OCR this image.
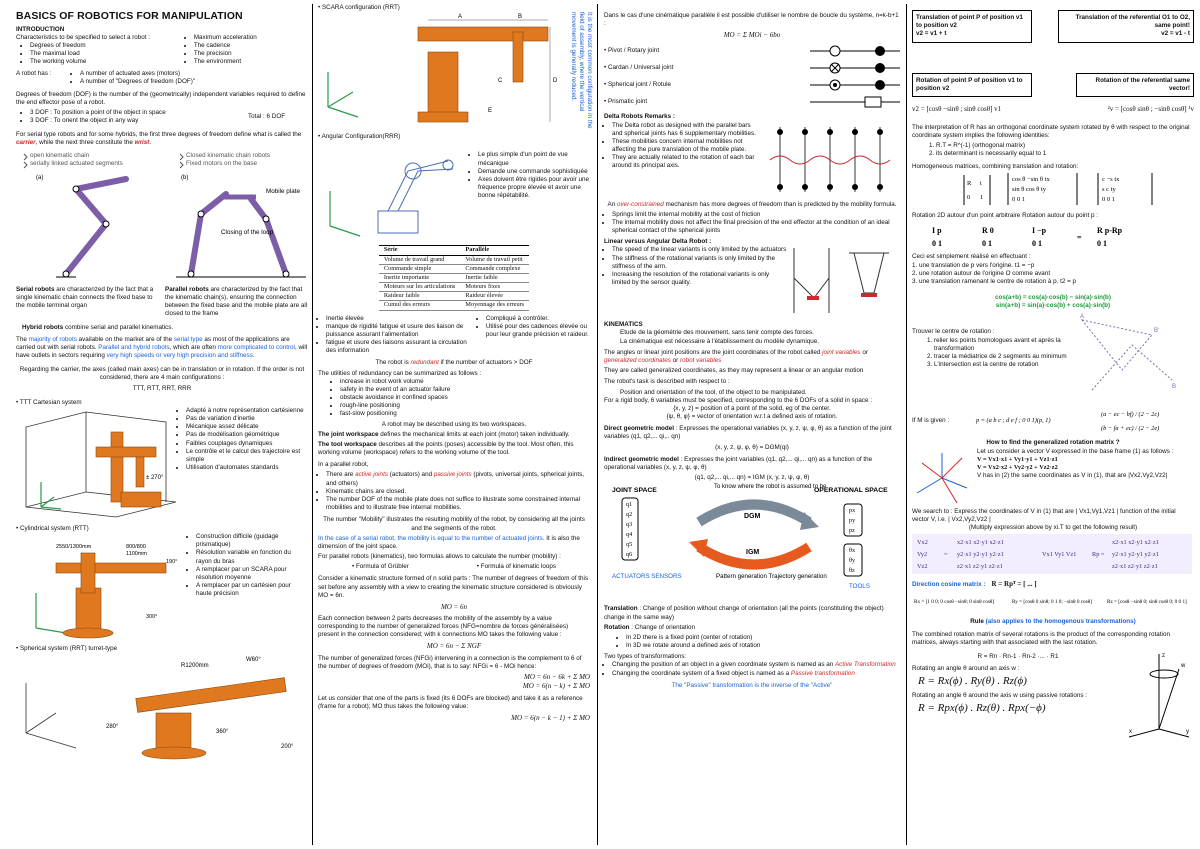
BASICS OF ROBOTICS FOR MANIPULATION
INTRODUCTION
Characteristics to be specified to select a robot :
• Degrees of freedom
• The maximal load
• The working volume
• Maximum acceleration
• The cadence
• The precision
• The environment
A robot has :	• A number of actuated axes (motors)
• A number of "Degrees of freedom (DOF)"

Degrees of freedom (DOF) is the number of the (geometrically) independent variables required to define the end effector pose of a robot.

• 3 DOF : To position a point of the object in space
• 3 DOF : To orient the object in any way
Total : 6 DOF

For serial type robots and for some hybrids, the first three degrees of freedom define what is called the carrier, while the next three constitute the wrist.

open kinematic chain
serially linked actuated segments
Closed kinematic chain robots
Fixed motors on the base
(a)	(b)
Mobile plate
Closing of the loop
Serial robots are characterized by the fact that a single kinematic chain connects the fixed base to the mobile terminal organ
Parallel robots are characterized by the fact that the kinematic chain(s), ensuring the connection between the fixed base and the mobile plate are all closed to the frame

Hybrid robots combine serial and parallel kinematics.

The majority of robots available on the market are of the serial type as most of the applications are carried out with serial robots. Parallel and hybrid robots, which are often more complicated to control, will have outlets in sectors requiring very high speeds or very high precision and stiffness.

Regarding the carrier, the axes (called main axes) can be in translation or in rotation. If the order is not considered, there are 4 main configurations :

TTT, RTT, RRT, RRR
• TTT Cartesian system
± 270°
• Adapté à notre représentation cartésienne
• Pas de variation d'inertie
• Mécanique assez délicate
• Pas de modélisation géométrique
• Faibles couplages dynamiques
• Le contrôle et le calcul des trajectoire est simple
• Utilisation d'automates standards
• Cylindrical system (RTT)
2550/1300mm	800/800
1100mm
190°
300°
• Construction difficile (guidage prismatique)
• Résolution variable en fonction du rayon du bras
• A remplacer par un SCARA pour résolution moyenne
• A remplacer par un cartésien pour haute précision
• Spherical system (RRT) turret-type
R1200mm
W60°
280°
360°
200°
• SCARA configuration (RRT)
A	B
C	D
E	It is the most common configuration in the field of assembly, where the vertical movement is generally reduced.
• Angular Configuration(RRR)
• Le plus simple d'un point de vue mécanique
• Demande une commande sophistiquée
• Axes doivent être rigides pour avoir une fréquence propre élevée et avoir une bonne répétabilité.
Série	Parallèle
Volume de travail grand	Volume de travail petit
Commande simple	Commande complexe
Inertie importante	Inertie faible
Moteurs sur les articulations	Moteurs fixes
Raideur faible	Raideur élevée
Cumul des erreurs	Moyennage des erreurs
• Inertie élevée
• manque de rigidité fatigue et usure des liaison de puissance assurant l'alimentation
• fatigue et usure des liaisons assurant la circulation des information
• Compliqué à contrôler.
• Utilisé pour des cadences élevée ou pour leur grande précision et raideur.

The robot is redundant if the number of actuators > DOF

The utilities of redundancy can be summarized as follows :
• increase in robot work volume
• safety in the event of an actuator failure
• obstacle avoidance in confined spaces
• rough-line positioning
• fast-slow positioning

A robot may be described using its two workspaces.

The joint workspace defines the mechanical limits at each joint (motor) taken individually.

The tool workspace describes all the points (poses) accessible by the tool. Most often, this working volume (workspace) refers to the working volume of the tool.

In a parallel robot,

• There are active joints (actuators) and passive joints (pivots, universal joints, spherical joints, and others)
• Kinematic chains are closed.
• The number DOF of the mobile plate does not suffice to illustrate some constrained internal mobilities and to illustrate free internal mobilities.

The number "Mobility" illustrates the resulting mobility of the robot, by considering all the joints and the segments of the robot.

In the case of a serial robot, the mobility is equal to the number of actuated joints. It is also the dimension of the joint space.

For parallel robots (kinematics), two formulas allows to calculate the number (mobility) :

• Formula of Grübler	• Formula of kinematic loops

Consider a kinematic structure formed of n solid parts : The number of degrees of freedom of this set before any assembly with a view to creating the kinematic structure considered is obviously MO = 6n.

MO = 6n

Each connection between 2 parts decreases the mobility of the assembly by a value corresponding to the number of generalized forces (NFG=nombre de forces généralisées) present in the connection considered; with k connections MO takes the following value :

MO = 6n − Σ NGF

The number of generalized forces (NFGi) intervening in a connection is the complement to 6 of the number of degrees of freedom (MOi), that is to say: NFGi = 6 - MOi hence:

MO = 6n − 6k + Σ MO
MO = 6(n − k) + Σ MO

Let us consider that one of the parts is fixed (its 6 DOFs are blocked) and take it as a reference (frame for a robot); MO thus takes the following value:

MO = 6(n − k − 1) + Σ MO

Dans le cas d'une cinématique parallèle il est possible d'utiliser le nombre de boucle du système, n=k-b+1 :

MO = Σ MOi − 6bo
• Pivot / Rotary joint
• Cardan / Universal joint
• Spherical joint / Rotule
• Prismatic joint
Delta Robots Remarks :
• The Delta robot as designed with the parallel bars and spherical joints has 6 supplementary mobilities.
• These mobilities concern internal mobilities not affecting the pure translation of the mobile plate.
• They are actually related to the rotation of each bar around its principal axis.

An over-constrained mechanism has more degrees of freedom than is predicted by the mobility formula.

• Springs limit the internal mobility at the cost of friction
• The internal mobility does not affect the final precision of the end effector at the condition of an ideal spherical contact of the spherical joints
Linear versus Angular Delta Robot :
• The speed of the linear variants is only limited by the actuators
• The stiffness of the rotational variants is only limited by the stiffness of the arm.
• Increasing the resolution of the rotational variants is only limited by the sensor quality.
KINEMATICS
Etude de la géométrie des mouvement, sans tenir compte des forces.
La cinématique est nécessaire à l'établissement du modèle dynamique.

The angles or linear joint positions are the joint coordinates of the robot called joint variables or generalized coordinates or robot variables

They are called generalized coordinates, as they may represent a linear or an angular motion

The robot's task is described with respect to :

Position and orientation of the tool, of the object to be manipulated.
For a rigid body, 6 variables must be specified, corresponding to the 6 DOFs of a solid in space :
{x, y, z} = position of a point of the solid, eg of the center.
{ψ, θ, φ} = vector of orientation w.r.t a defined axis of rotation.

Direct geometric model : Expresses the operational variables (x, y, z, ψ, φ, θ) as a function of the joint variables (q1, q2,... qi,.. qn)

(x, y, z, ψ, φ, θ) = DGM(qi)

Indirect geometric model : Expresses the joint variables (q1, q2,... qi,... qn) as a function of the operational variables (x, y, z, ψ, φ, θ)

(q1, q2,... qi,... qn) = IGM (x, y, z, ψ, φ, θ)
JOINT SPACE	OPERATIONAL SPACE
To know where the robot is assumed to be
q1
q2
q3
q4
q5
q6
px
py
pz
θx
θy
θz
DGM
IGM
Pattern generation Trajectory generation
ACTUATORS SENSORS
TOOLS

Translation : Change of position without change of orientation (all the points (constituting the object) change in the same way)

Rotation : Change of orientation

• In 2D there is a fixed point (center of rotation)
• In 3D we rotate around a defined axis of rotation
Two types of transformations:
• Changing the position of an object in a given coordinate system is named as an Active Transformation
• Changing the coordinate system of a fixed object is named as a Passive transformation
The "Passive" transformation is the inverse of the "Active"
Translation of point P of position v1 to position v2
v2 = v1 + t
Translation of the referential O1 to O2, same point!
v2 = v1 - t
Rotation of point P of position v1 to position v2
Rotation of the referential same vector!
v2 = [cosθ −sinθ ; sinθ cosθ] v1	²v = [cosθ sinθ ; −sinθ cosθ] ¹v

The interpretation of R has an orthogonal coordinate system rotated by θ with respect to the original coordinate system implies the following identities:

1. R.T = R^(-1) (orthogonal matrix)
2. its determinant is necessarily equal to 1
Homogeneous matrices, combining translation and rotation:
R t
0 1
cos θ −sin θ tx
sin θ cos θ ty
0 0 1
c −s tx
s c ty
0 0 1
Rotation 2D autour d'un point arbitraire Rotation autour du point p :
I p
0 1
R 0
0 1
I −p
0 1
=
R p-Rp
0 1
Ceci est simplement réalisé en effectuant :
1. une translation de p vers l'origine. t1 = −p
2. une rotation autour de l'origine O comme avant
3. une translation ramenant le centre de rotation à p. t2 = p
cos(a+b) = cos(a)·cos(b) − sin(a)·sin(b)
sin(a+b) = sin(a)·cos(b) + cos(a)·sin(b)
Trouver le centre de rotation :
1. relier les points homologues avant et après la transformation
2. tracer la médiatrice de 2 segments au minimum
3. L'intersection est la centre de rotation
B'
A
B
If M is given :	p = (a b c ; d e f ; 0 0 1)(p, 1)
(a − ec − bf) / (2 − 2c)
(b − fa + ec) / (2 − 2e)
How to find the generalized rotation matrix ?
Let us consider a vector V expressed in the base frame (1) as follows :
V = Vx1·x1 + Vy1·y1 + Vz1·z1
V = Vx2·x2 + Vy2·y2 + Vz2·z2
V has in (2) the same coordinates as V in (1), that are |Vx2,Vy2,Vz2|
We search to : Express the coordinates of V in (1) that are | Vx1,Vy1,Vz1 | function of the initial vector V, i.e. | Vx2,Vy2,Vz2 |
(Multiply expression above by xi.T to get the following result)
Vx2
Vy2
Vz2
=
x2·x1 x2·y1 x2·z1
y2·x1 y2·y1 y2·z1
z2·x1 z2·y1 z2·z1
Vx1 Vy1 Vz1 Rp =
x2·x1 x2·y1 x2·z1
y2·x1 y2·y1 y2·z1
z2·x1 z2·y1 z2·z1
Direction cosine matrix : R = Rpᵀ = [ ... ]
Rx = [1 0 0; 0 cosθ −sinθ; 0 sinθ cosθ]	Ry = [cosθ 0 sinθ; 0 1 0; −sinθ 0 cosθ]	Rz = [cosθ −sinθ 0; sinθ cosθ 0; 0 0 1]
Rule (also applies to the homogenous transformations)

The combined rotation matrix of several rotations is the product of the corresponding rotation matrices, always starting with that associated with the last rotation.

R = Rn · Rn-1 · Rn-2 ·... · R1
Rotating an angle θ around an axis w :
R = Rx(ϕ) . Ry(θ) . Rz(ϕ)
Rotating an angle θ around the axis w using passive rotations :
R = Rpx(ϕ) . Rz(θ) . Rpx(−ϕ)
w
z
x	y
